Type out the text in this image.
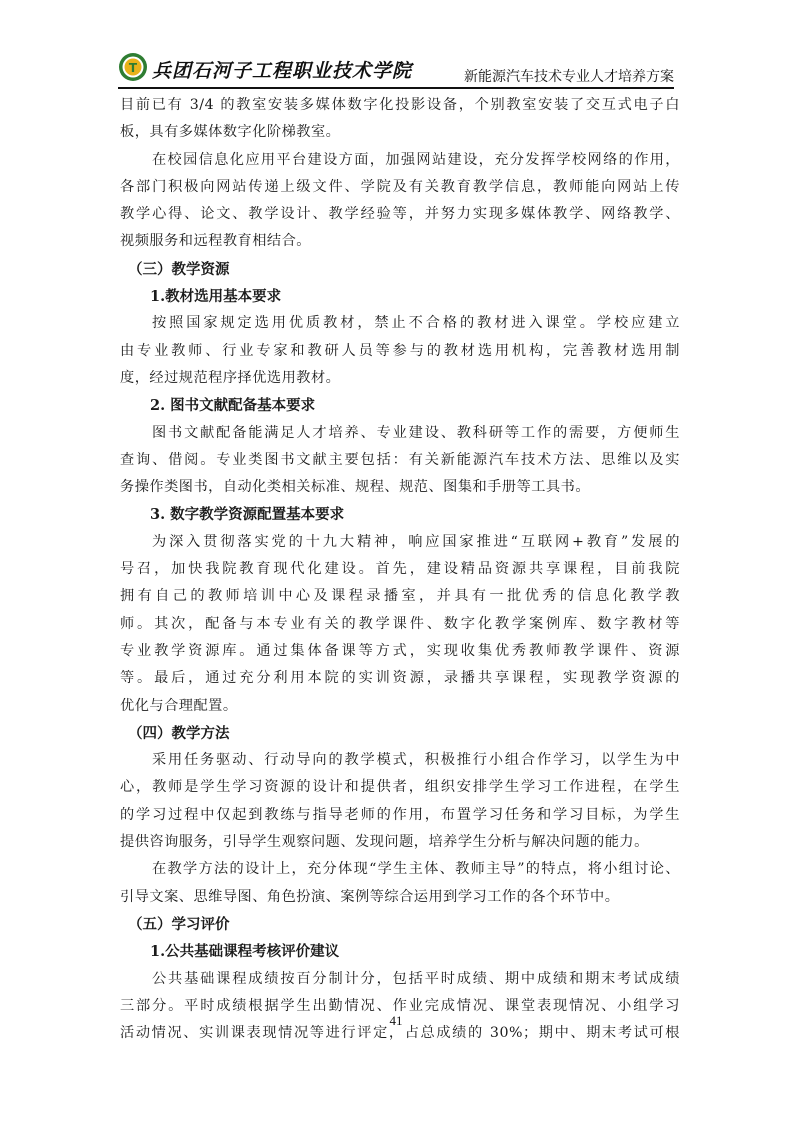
T 兵团石河子工程职业技术学院	新能源汽车技术专业人才培养方案

目前已有 3/4 的教室安装多媒体数字化投影设备，个别教室安装了交互式电子白
板，具有多媒体数字化阶梯教室。

在校园信息化应用平台建设方面，加强网站建设，充分发挥学校网络的作用，
各部门积极向网站传递上级文件、学院及有关教育教学信息，教师能向网站上传
教学心得、论文、教学设计、教学经验等，并努力实现多媒体教学、网络教学、
视频服务和远程教育相结合。

（三）教学资源

1.教材选用基本要求

按照国家规定选用优质教材，禁止不合格的教材进入课堂。学校应建立
由专业教师、行业专家和教研人员等参与的教材选用机构，完善教材选用制
度，经过规范程序择优选用教材。

2. 图书文献配备基本要求

图书文献配备能满足人才培养、专业建设、教科研等工作的需要，方便师生
查询、借阅。专业类图书文献主要包括：有关新能源汽车技术方法、思维以及实
务操作类图书，自动化类相关标准、规程、规范、图集和手册等工具书。

3. 数字教学资源配置基本要求

为深入贯彻落实党的十九大精神，响应国家推进“互联网+教育”发展的
号召，加快我院教育现代化建设。首先，建设精品资源共享课程，目前我院
拥有自己的教师培训中心及课程录播室，并具有一批优秀的信息化教学教
师。其次，配备与本专业有关的教学课件、数字化教学案例库、数字教材等
专业教学资源库。通过集体备课等方式，实现收集优秀教师教学课件、资源
等。最后，通过充分利用本院的实训资源，录播共享课程，实现教学资源的
优化与合理配置。

（四）教学方法

采用任务驱动、行动导向的教学模式，积极推行小组合作学习，以学生为中
心，教师是学生学习资源的设计和提供者，组织安排学生学习工作进程，在学生
的学习过程中仅起到教练与指导老师的作用，布置学习任务和学习目标，为学生
提供咨询服务，引导学生观察问题、发现问题，培养学生分析与解决问题的能力。

在教学方法的设计上，充分体现“学生主体、教师主导”的特点，将小组讨论、
引导文案、思维导图、角色扮演、案例等综合运用到学习工作的各个环节中。

（五）学习评价

1.公共基础课程考核评价建议

公共基础课程成绩按百分制计分，包括平时成绩、期中成绩和期末考试成绩
三部分。平时成绩根据学生出勤情况、作业完成情况、课堂表现情况、小组学习
活动情况、实训课表现情况等进行评定，占总成绩的 30%；期中、期末考试可根

41
